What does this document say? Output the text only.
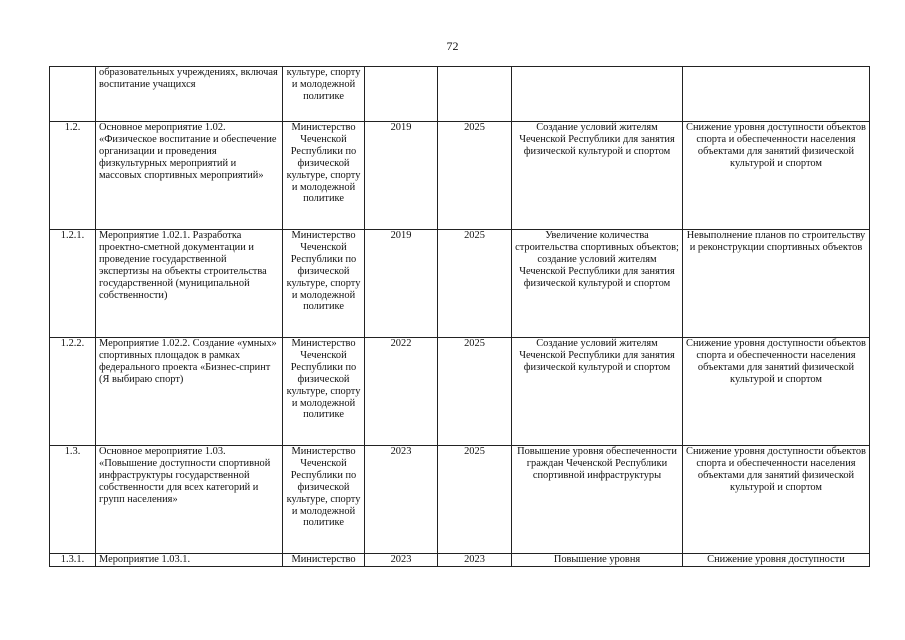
72
	образовательных учреждениях, включая воспитание учащихся	культуре, спорту и молодежной политике				
1.2.	Основное мероприятие 1.02. «Физическое воспитание и обеспечение организации и проведения физкультурных мероприятий и массовых спортивных мероприятий»	Министерство Чеченской Республики по физической культуре, спорту и молодежной политике	2019	2025	Создание условий жителям Чеченской Республики для занятия физической культурой и спортом	Снижение уровня доступности объектов спорта и обеспеченности населения объектами для занятий физической культурой и спортом
1.2.1.	Мероприятие 1.02.1. Разработка проектно-сметной документации и проведение государственной экспертизы на объекты строительства государственной (муниципальной собственности)	Министерство Чеченской Республики по физической культуре, спорту и молодежной политике	2019	2025	Увеличение количества строительства спортивных объектов; создание условий жителям Чеченской Республики для занятия физической культурой и спортом	Невыполнение планов по строительству и реконструкции спортивных объектов
1.2.2.	Мероприятие 1.02.2. Создание «умных» спортивных площадок в рамках федерального проекта «Бизнес-спринт (Я выбираю спорт)	Министерство Чеченской Республики по физической культуре, спорту и молодежной политике	2022	2025	Создание условий жителям Чеченской Республики для занятия физической культурой и спортом	Снижение уровня доступности объектов спорта и обеспеченности населения объектами для занятий физической культурой и спортом
1.3.	Основное мероприятие 1.03. «Повышение доступности спортивной инфраструктуры государственной собственности для всех категорий и групп населения»	Министерство Чеченской Республики по физической культуре, спорту и молодежной политике	2023	2025	Повышение уровня обеспеченности граждан Чеченской Республики спортивной инфраструктуры	Снижение уровня доступности объектов спорта и обеспеченности населения объектами для занятий физической культурой и спортом
1.3.1.	Мероприятие 1.03.1.	Министерство	2023	2023	Повышение уровня	Снижение уровня доступности
